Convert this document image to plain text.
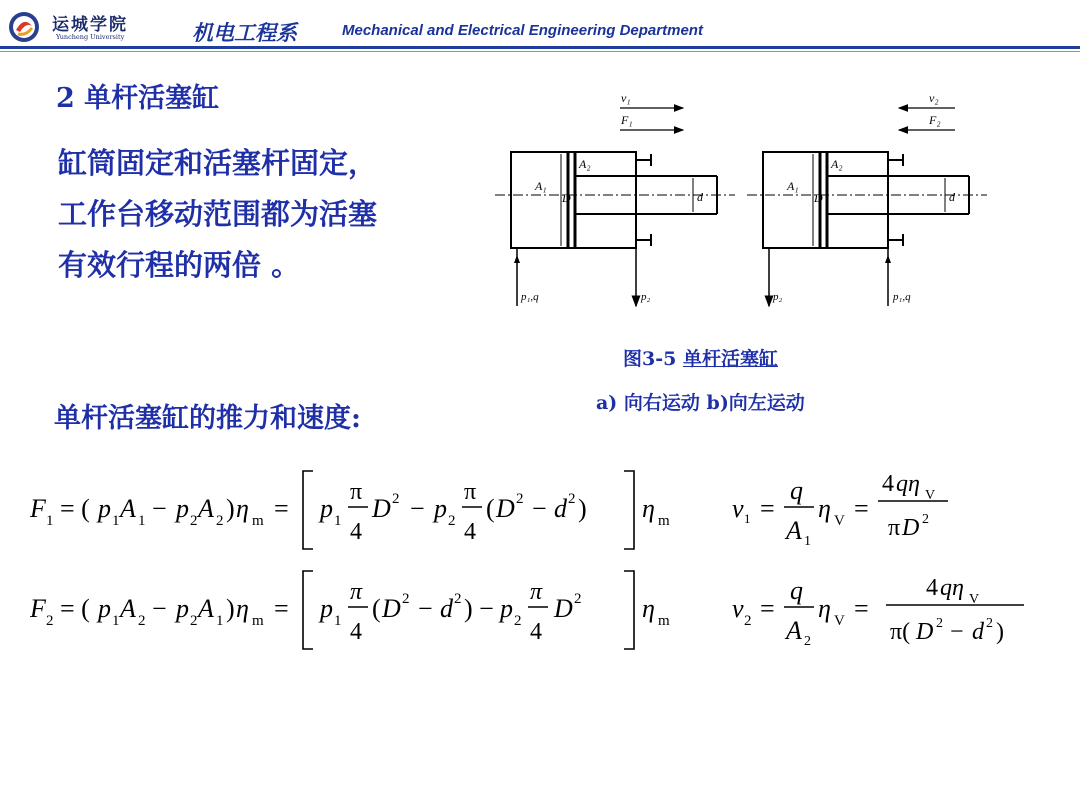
运城学院
Yuncheng University	机电工程系	Mechanical and Electrical Engineering Department
2 单杆活塞缸
缸筒固定和活塞杆固定，
工作台移动范围都为活塞
有效行程的两倍 。
v₁
F₁
D	d
A₁
A₂
p₁,q	p₂
v₂
F₂
D	d
A₁
A₂
p₂	p₁,q
图3-5 单杆活塞缸
a) 向右运动 b)向左运动
单杆活塞缸的推力和速度:
F 1 = ( p 1 A 1 − p 2 A 2 ) η m = p 1
π
4
D 2 − p 2
π
4
( D 2 − d 2 ) η m v 1 =
q
A 1
η V =
4 qη V
π D 2
F 2 = ( p 1 A 2 − p 2 A 1 ) η m = p 1
π
4
( D 2 − d 2 ) − p 2
π
4
D 2 η m v 2 =
q
A 2
η V =
4 qη V
π( D 2 − d 2 )
